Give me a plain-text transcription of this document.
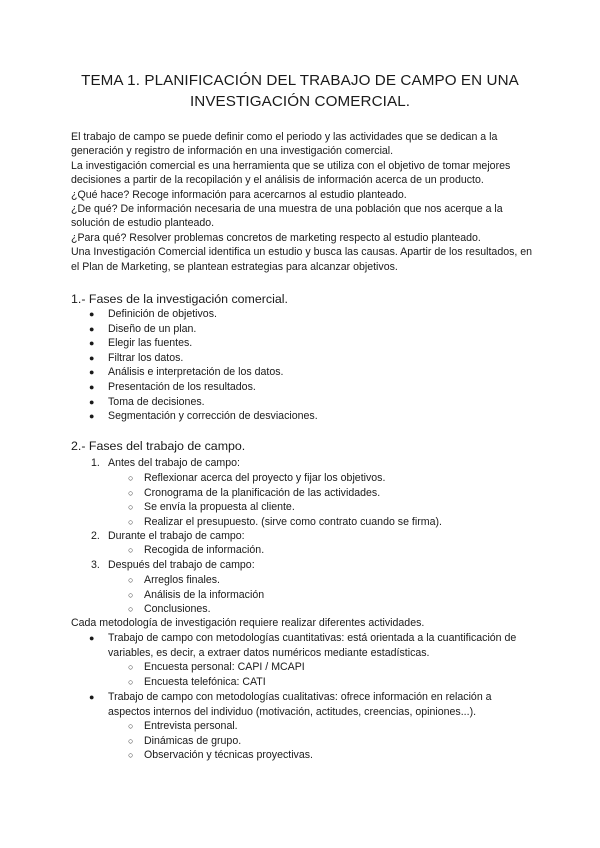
TEMA 1. PLANIFICACIÓN DEL TRABAJO DE CAMPO EN UNA
INVESTIGACIÓN COMERCIAL.

El trabajo de campo se puede definir como el periodo y las actividades que se dedican a la generación y registro de información en una investigación comercial.

La investigación comercial es una herramienta que se utiliza con el objetivo de tomar mejores decisiones a partir de la recopilación y el análisis de información acerca de un producto.

¿Qué hace? Recoge información para acercarnos al estudio planteado.

¿De qué? De información necesaria de una muestra de una población que nos acerque a la solución de estudio planteado.

¿Para qué? Resolver problemas concretos de marketing respecto al estudio planteado.

Una Investigación Comercial identifica un estudio y busca las causas. Apartir de los resultados, en el Plan de Marketing, se plantean estrategias para alcanzar objetivos.

1.- Fases de la investigación comercial.
● Definición de objetivos.
● Diseño de un plan.
● Elegir las fuentes.
● Filtrar los datos.
● Análisis e interpretación de los datos.
● Presentación de los resultados.
● Toma de decisiones.
● Segmentación y corrección de desviaciones.
2.- Fases del trabajo de campo.
1. Antes del trabajo de campo:
○ Reflexionar acerca del proyecto y fijar los objetivos.
○ Cronograma de la planificación de las actividades.
○ Se envía la propuesta al cliente.
○ Realizar el presupuesto. (sirve como contrato cuando se firma).
2. Durante el trabajo de campo:
○ Recogida de información.
3. Después del trabajo de campo:
○ Arreglos finales.
○ Análisis de la información
○ Conclusiones.
Cada metodología de investigación requiere realizar diferentes actividades.
● Trabajo de campo con metodologías cuantitativas: está orientada a la cuantificación de variables, es decir, a extraer datos numéricos mediante estadísticas.
○ Encuesta personal: CAPI / MCAPI
○ Encuesta telefónica: CATI
● Trabajo de campo con metodologías cualitativas: ofrece información en relación a aspectos internos del individuo (motivación, actitudes, creencias, opiniones...).
○ Entrevista personal.
○ Dinámicas de grupo.
○ Observación y técnicas proyectivas.
